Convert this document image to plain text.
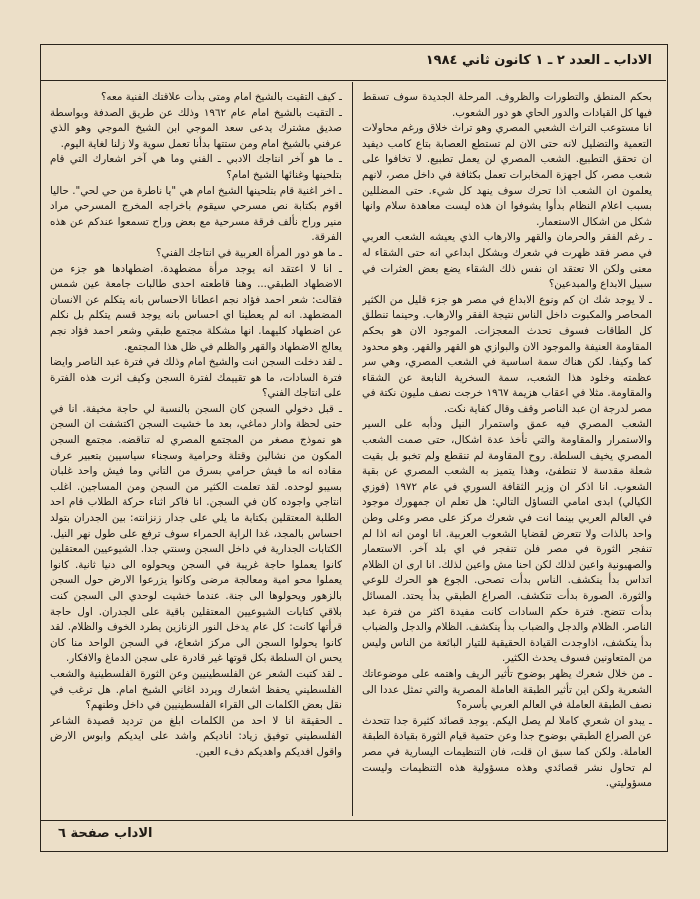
الاداب ـ العدد ٢ ـ ١ كانون ثاني ١٩٨٤

بحكم المنطق والتطورات والظروف. المرحلة الجديدة سوف تسقط فيها كل القيادات والدور الحاي هو دور الشعوب.

انا مستوعب التراث الشعبي المصري وهو تراث خلاق ورغم محاولات التعمية والتضليل لانه حتى الان لم تستطع العصابة بتاع كامب ديفيد ان تحقق التطبيع. الشعب المصري لن يعمل تطبيع. لا تخافوا على شعب مصر، كل اجهزة المخابرات تعمل بكثافة في داخل مصر، لانهم يعلمون ان الشعب اذا تحرك سوف ينهد كل شيء. حتى المضللين بسبب اعلام النظام بدأوا يشوفوا ان هذه ليست معاهدة سلام وانها شكل من اشكال الاستعمار.

ـ رغم الفقر والحرمان والقهر والارهاب الذي يعيشه الشعب العربي في مصر فقد ظهرت في شعرك وبشكل ابداعي انه حتى الشقاء له معنى ولكن الا تعتقد ان نفس ذلك الشقاء يضع بعض العثرات في سبيل الابداع والمبدعين؟

ـ لا يوجد شك ان كم ونوع الابداع في مصر هو جزء قليل من الكثير المحاصر والمكبوت داخل الناس نتيجة الفقر والارهاب. وحينما تنطلق كل الطاقات فسوف تحدث المعجزات. الموجود الان هو بحكم المقاومة العنيفة والموجود الان والبوازي هو القهر والقهر. وهو محدود كما وكيفا. لكن هناك سمة اساسية في الشعب المصري، وهي سر عظمته وخلود هذا الشعب، سمة السخرية النابعة عن الشقاء والمقاومة. مثلا في اعقاب هزيمة ١٩٦٧ خرجت نصف مليون نكتة في مصر لدرجة ان عبد الناصر وقف وقال كفاية نكت.

الشعب المصري فيه عمق واستمرار النيل ودأبه على السير والاستمرار والمقاومة والتي تأخذ عدة اشكال، حتى صمت الشعب المصري يخيف السلطة. روح المقاومة لم تنقطع ولم تخبو بل بقيت شعلة مقدسة لا تنطفئ، وهذا يتميز به الشعب المصري عن بقية الشعوب. انا اذكر ان وزير الثقافة السوري في عام ١٩٧٢ (فوزي الكيالي) ابدى امامي التساؤل التالي: هل تعلم ان جمهورك موجود في العالم العربي بينما انت في شعرك مركز على مصر وعلى وطن واحد بالذات ولا تتعرض لقضايا الشعوب العربية. انا اومن انه اذا لم تنفجر الثورة في مصر فلن تنفجر في اي بلد آخر. الاستعمار والصهيونية واعين لذلك لكن احنا مش واعين لذلك. انا ارى ان الظلام اتداس بدأ ينكشف. الناس بدأت تصحى. الجوع هو الحرك للوعي والثورة. الصورة بدأت تتكشف. الصراع الطبقي بدأ يحتد. المسائل بدأت تتضح. فترة حكم السادات كانت مفيدة اكثر من فترة عبد الناصر. الظلام والدجل والضباب بدأ ينكشف. الظلام والدجل والضباب بدأ ينكشف، اذاوجدت القيادة الحقيقية للتيار البائعة من الناس وليس من المتعاونين فسوف يحدث الكثير.

ـ من خلال شعرك يظهر بوضوح تأثير الريف واهتمه على موضوعاتك الشعرية ولكن اين تأثير الطبقة العاملة المصرية والتي تمثل عددا الى نصف الطبقة العاملة في العالم العربي بأسره؟

ـ يبدو ان شعري كاملا لم يصل اليكم. يوجد قصائد كثيرة جدا تتحدث عن الصراع الطبقي بوضوح جدا وعن حتمية قيام الثورة بقيادة الطبقة العاملة. ولكن كما سبق ان قلت، فان التنظيمات اليسارية في مصر لم تحاول نشر قصائدي وهذه مسؤولية هذه التنظيمات وليست مسؤوليتي.

ـ كيف التقيت بالشيخ امام ومتى بدأت علاقتك الفنية معه؟

ـ التقيت بالشيخ امام عام ١٩٦٢ وذلك عن طريق الصدفة وبواسطة صديق مشترك يدعى سعد الموجي ابن الشيخ الموجي وهو الذي عرفني بالشيخ امام ومن ستتها بدأنا تعمل سوية ولا زلنا لغاية اليوم.

ـ ما هو آخر انتاجك الادبي ـ الفني وما هي آخر اشعارك التي قام بتلحينها وغنائها الشيخ امام؟

ـ اخر اغنية قام بتلحينها الشيخ امام هي "يا ناطرة من حي لحي". حاليا اقوم بكتابة نص مسرحي سيقوم باخراجه المخرج المسرحي مراد منير وراح نألف فرقة مسرحية مع بعض وراح تسمعوا عندكم عن هذه الفرقة.

ـ ما هو دور المرأة العربية في انتاجك الفني؟

ـ انا لا اعتقد انه يوجد مرأة مضطهدة. اضطهادها هو جزء من الاضطهاد الطبقي... وهنا قاطعته احدى طالبات جامعة عين شمس فقالت: شعر احمد فؤاد نجم اعطانا الاحساس بانه يتكلم عن الانسان المضطهد. انه لم يعطينا اي احساس بانه يوجد قسم يتكلم بل نكلم عن اضطهاد كليهما. انها مشكلة مجتمع طبقي وشعر احمد فؤاد نجم يعالج الاضطهاد والقهر والظلم في ظل هذا المجتمع.

ـ لقد دخلت السجن انت والشيخ امام وذلك في فترة عبد الناصر وايضا فترة السادات، ما هو تقييمك لفترة السجن وكيف اثرت هذه الفترة على انتاجك الفني؟

ـ قبل دخولي السجن كان السجن بالنسبة لي حاجة مخيفة. انا في حتى لحظة وادار دماغي، بعد ما خشيت السجن اكتشفت ان السجن هو نموذج مصغر من المجتمع المصري له تناقضه. مجتمع السجن المكون من نشالين وقتلة وحرامية وسجناء سياسيين بتعبير عرف مقاده انه ما فيش حرامي بسرق من التاني وما فيش واحد غلبان بسيبو لوحده. لقد تعلمت الكثير من السجن ومن المساجين. اغلب انتاجي واجوده كان في السجن. انا فاكر اثناء حركة الطلاب قام احد الطلبة المعتقلين بكتابة ما يلي على جدار زنزانته: بين الجدران بتولد احساس بالمجد، غدا الراية الحمراء سوف ترفع على طول نهر النيل. الكتابات الجدارية في داخل السجن وسنتي جدا. الشيوعيين المعتقلين كانوا يعملوا حاجة غريبة في السجن ويحولوه الى دنيا ثانية. كانوا يعملوا محو امية ومعالجة مرضى وكانوا يزرعوا الارض حول السجن بالزهور ويحولوها الى جنة. عندما خشيت لوحدي الى السجن كنت بلاقي كتابات الشيوعيين المعتقلين باقية على الجدران. اول حاجة قرأتها كانت: كل عام يدخل النور الزنازين يطرد الخوف والظلام. لقد كانوا يحولوا السجن الى مركز اشعاع، في السجن الواحد منا كان يحس ان السلطة بكل قوتها غير قادرة على سجن الدماغ والافكار.

ـ لقد كتبت الشعر عن الفلسطينيين وعن الثورة الفلسطينية والشعب الفلسطيني يحفظ اشعارك ويردد اغاني الشيخ امام. هل ترغب في نقل بعض الكلمات الى القراء الفلسطينيين في داخل وطنهم؟

ـ الحقيقة انا لا احد من الكلمات ابلغ من ترديد قصيدة الشاعر الفلسطيني توفيق زياد: اناديكم واشد على ايديكم وابوس الارض واقول افديكم واهديكم دفء العين.

الاداب صفحة ٦
